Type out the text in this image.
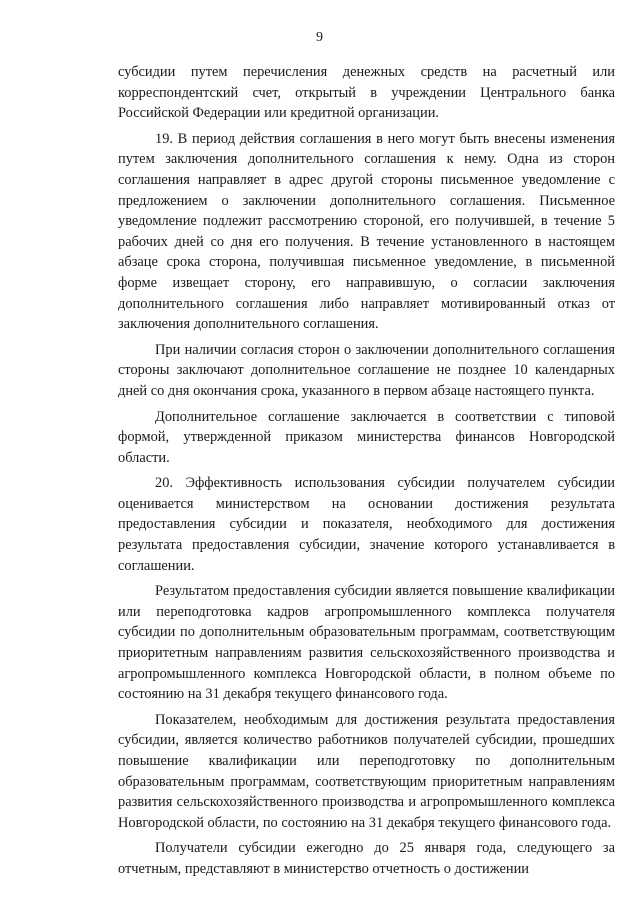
9

субсидии путем перечисления денежных средств на расчетный или корреспондентский счет, открытый в учреждении Центрального банка Российской Федерации или кредитной организации.

19. В период действия соглашения в него могут быть внесены изменения путем заключения дополнительного соглашения к нему. Одна из сторон соглашения направляет в адрес другой стороны письменное уведомление с предложением о заключении дополнительного соглашения. Письменное уведомление подлежит рассмотрению стороной, его получившей, в течение 5 рабочих дней со дня его получения. В течение установленного в настоящем абзаце срока сторона, получившая письменное уведомление, в письменной форме извещает сторону, его направившую, о согласии заключения дополнительного соглашения либо направляет мотивированный отказ от заключения дополнительного соглашения.

При наличии согласия сторон о заключении дополнительного соглашения стороны заключают дополнительное соглашение не позднее 10 календарных дней со дня окончания срока, указанного в первом абзаце настоящего пункта.

Дополнительное соглашение заключается в соответствии с типовой формой, утвержденной приказом министерства финансов Новгородской области.

20. Эффективность использования субсидии получателем субсидии оценивается министерством на основании достижения результата предоставления субсидии и показателя, необходимого для достижения результата предоставления субсидии, значение которого устанавливается в соглашении.

Результатом предоставления субсидии является повышение квалификации или переподготовка кадров агропромышленного комплекса получателя субсидии по дополнительным образовательным программам, соответствующим приоритетным направлениям развития сельскохозяйственного производства и агропромышленного комплекса Новгородской области, в полном объеме по состоянию на 31 декабря текущего финансового года.

Показателем, необходимым для достижения результата предоставления субсидии, является количество работников получателей субсидии, прошедших повышение квалификации или переподготовку по дополнительным образовательным программам, соответствующим приоритетным направлениям развития сельскохозяйственного производства и агропромышленного комплекса Новгородской области, по состоянию на 31 декабря текущего финансового года.

Получатели субсидии ежегодно до 25 января года, следующего за отчетным, представляют в министерство отчетность о достижении
